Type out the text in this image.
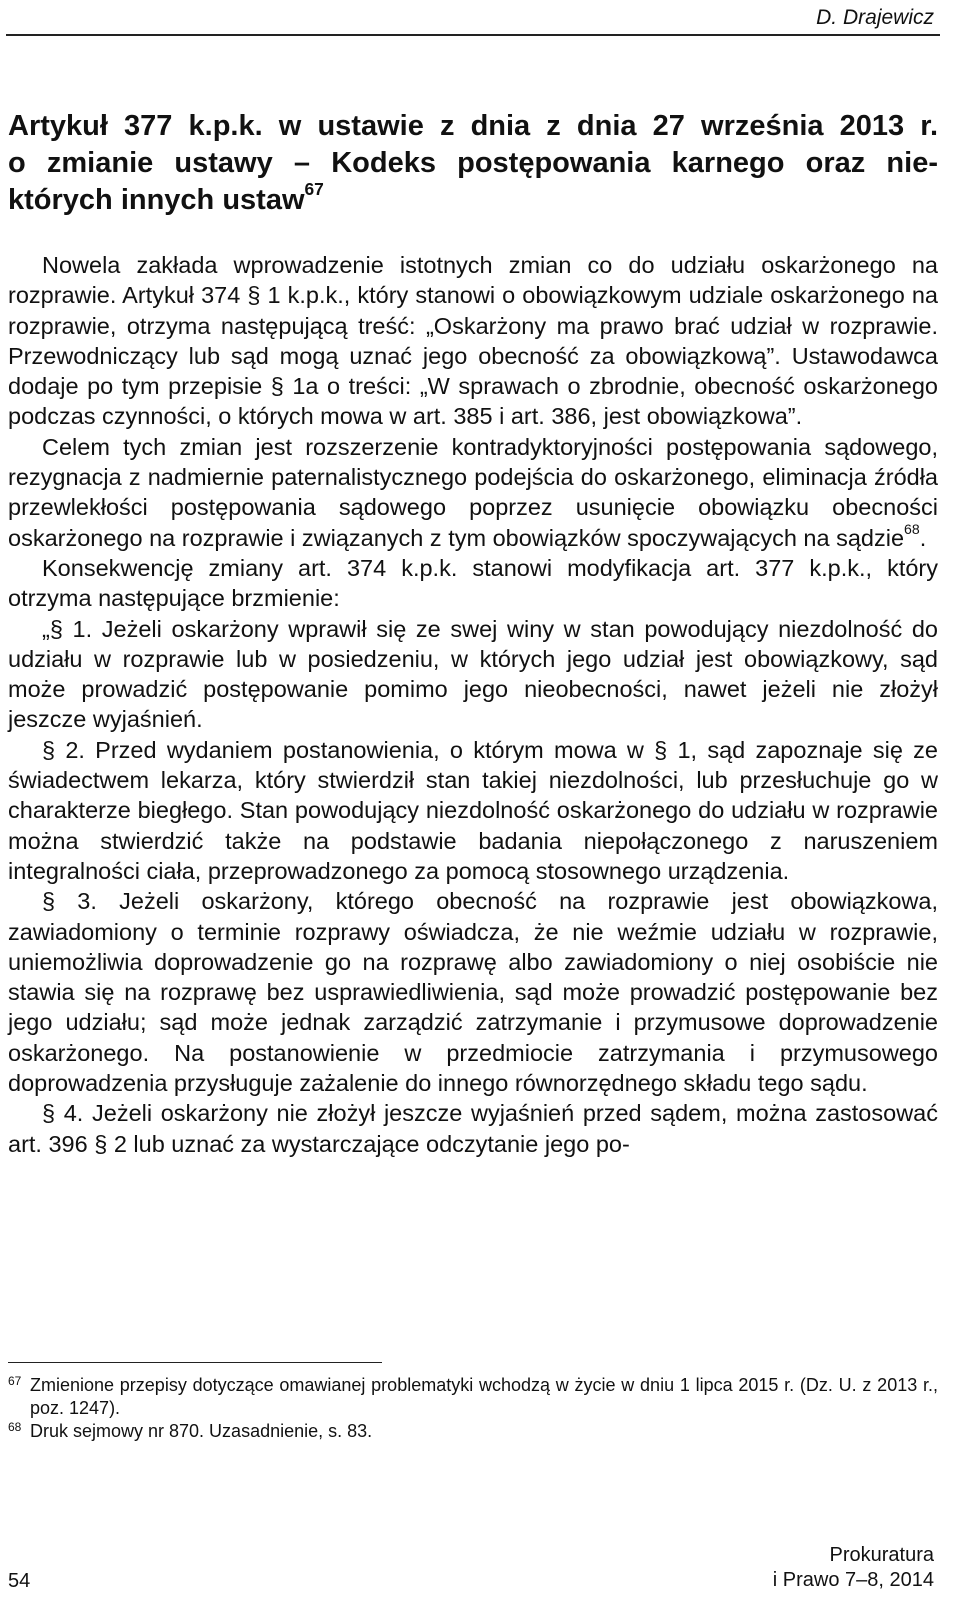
D. Drajewicz
Artykuł 377 k.p.k. w ustawie z dnia z dnia 27 września 2013 r.
o zmianie ustawy – Kodeks postępowania karnego oraz nie-
których innych ustaw$^{67}$

Nowela zakłada wprowadzenie istotnych zmian co do udziału oskarżonego na rozprawie. Artykuł 374 § 1 k.p.k., który stanowi o obowiązkowym udziale oskarżonego na rozprawie, otrzyma następującą treść: „Oskarżony ma prawo brać udział w rozprawie. Przewodniczący lub sąd mogą uznać jego obecność za obowiązkową”. Ustawodawca dodaje po tym przepisie § 1a o treści: „W sprawach o zbrodnie, obecność oskarżonego podczas czynności, o których mowa w art. 385 i art. 386, jest obowiązkowa”.

Celem tych zmian jest rozszerzenie kontradyktoryjności postępowania sądowego, rezygnacja z nadmiernie paternalistycznego podejścia do oskarżonego, eliminacja źródła przewlekłości postępowania sądowego poprzez usunięcie obowiązku obecności oskarżonego na rozprawie i związanych z tym obowiązków spoczywających na sądzie$^{68}$.

Konsekwencję zmiany art. 374 k.p.k. stanowi modyfikacja art. 377 k.p.k., który otrzyma następujące brzmienie:

„§ 1. Jeżeli oskarżony wprawił się ze swej winy w stan powodujący niezdolność do udziału w rozprawie lub w posiedzeniu, w których jego udział jest obowiązkowy, sąd może prowadzić postępowanie pomimo jego nieobecności, nawet jeżeli nie złożył jeszcze wyjaśnień.

§ 2. Przed wydaniem postanowienia, o którym mowa w § 1, sąd zapoznaje się ze świadectwem lekarza, który stwierdził stan takiej niezdolności, lub przesłuchuje go w charakterze biegłego. Stan powodujący niezdolność oskarżonego do udziału w rozprawie można stwierdzić także na podstawie badania niepołączonego z naruszeniem integralności ciała, przeprowadzonego za pomocą stosownego urządzenia.

§ 3. Jeżeli oskarżony, którego obecność na rozprawie jest obowiązkowa, zawiadomiony o terminie rozprawy oświadcza, że nie weźmie udziału w rozprawie, uniemożliwia doprowadzenie go na rozprawę albo zawiadomiony o niej osobiście nie stawia się na rozprawę bez usprawiedliwienia, sąd może prowadzić postępowanie bez jego udziału; sąd może jednak zarządzić zatrzymanie i przymusowe doprowadzenie oskarżonego. Na postanowienie w przedmiocie zatrzymania i przymusowego doprowadzenia przysługuje zażalenie do innego równorzędnego składu tego sądu.

§ 4. Jeżeli oskarżony nie złożył jeszcze wyjaśnień przed sądem, można zastosować art. 396 § 2 lub uznać za wystarczające odczytanie jego po-

67 Zmienione przepisy dotyczące omawianej problematyki wchodzą w życie w dniu 1 lipca 2015 r. (Dz. U. z 2013 r., poz. 1247).
68 Druk sejmowy nr 870. Uzasadnienie, s. 83.
54
Prokuratura
i Prawo 7–8, 2014
